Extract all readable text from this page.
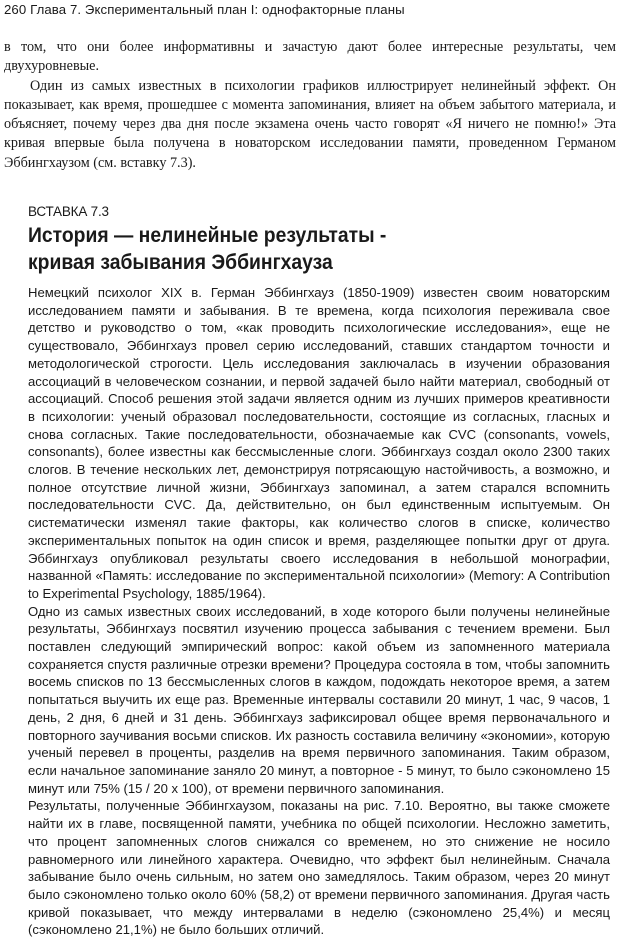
260 Глава 7. Экспериментальный план I: однофакторные планы

в том, что они более информативны и зачастую дают более интересные результаты, чем двухуровневые.

Один из самых известных в психологии графиков иллюстрирует нелинейный эффект. Он показывает, как время, прошедшее с момента запоминания, влияет на объем забытого материала, и объясняет, почему через два дня после экзамена очень часто говорят «Я ничего не помню!» Эта кривая впервые была получена в новаторском исследовании памяти, проведенном Германом Эббингхаузом (см. вставку 7.3).

ВСТАВКА 7.3
История — нелинейные результаты -
кривая забывания Эббингхауза

Немецкий психолог XIX в. Герман Эббингхауз (1850-1909) известен своим новаторским исследованием памяти и забывания. В те времена, когда психология переживала свое детство и руководство о том, «как проводить психологические исследования», еще не существовало, Эббингхауз провел серию исследований, ставших стандартом точности и методологической строгости. Цель исследования заключалась в изучении образования ассоциаций в человеческом сознании, и первой задачей было найти материал, свободный от ассоциаций. Способ решения этой задачи является одним из лучших примеров креативности в психологии: ученый образовал последовательности, состоящие из согласных, гласных и снова согласных. Такие последовательности, обозначаемые как CVC (consonants, vowels, consonants), более известны как бессмысленные слоги. Эббингхауз создал около 2300 таких слогов. В течение нескольких лет, демонстрируя потрясающую настойчивость, а возможно, и полное отсутствие личной жизни, Эббингхауз запоминал, а затем старался вспомнить последовательности CVC. Да, действительно, он был единственным испытуемым. Он систематически изменял такие факторы, как количество слогов в списке, количество экспериментальных попыток на один список и время, разделяющее попытки друг от друга. Эббингхауз опубликовал результаты своего исследования в небольшой монографии, названной «Память: исследование по экспериментальной психологии» (Memory: A Contribution to Experimental Psychology, 1885/1964).

Одно из самых известных своих исследований, в ходе которого были получены нелинейные результаты, Эббингхауз посвятил изучению процесса забывания с течением времени. Был поставлен следующий эмпирический вопрос: какой объем из запомненного материала сохраняется спустя различные отрезки времени? Процедура состояла в том, чтобы запомнить восемь списков по 13 бессмысленных слогов в каждом, подождать некоторое время, а затем попытаться выучить их еще раз. Временные интервалы составили 20 минут, 1 час, 9 часов, 1 день, 2 дня, 6 дней и 31 день. Эббингхауз зафиксировал общее время первоначального и повторного заучивания восьми списков. Их разность составила величину «экономии», которую ученый перевел в проценты, разделив на время первичного запоминания. Таким образом, если начальное запоминание заняло 20 минут, а повторное - 5 минут, то было сэкономлено 15 минут или 75% (15 / 20 x 100), от времени первичного запоминания.

Результаты, полученные Эббингхаузом, показаны на рис. 7.10. Вероятно, вы также сможете найти их в главе, посвященной памяти, учебника по общей психологии. Несложно заметить, что процент запомненных слогов снижался со временем, но это снижение не носило равномерного или линейного характера. Очевидно, что эффект был нелинейным. Сначала забывание было очень сильным, но затем оно замедлялось. Таким образом, через 20 минут было сэкономлено только около 60% (58,2) от времени первичного запоминания. Другая часть кривой показывает, что между интервалами в неделю (сэкономлено 25,4%) и месяц (сэкономлено 21,1%) не было больших отличий.
